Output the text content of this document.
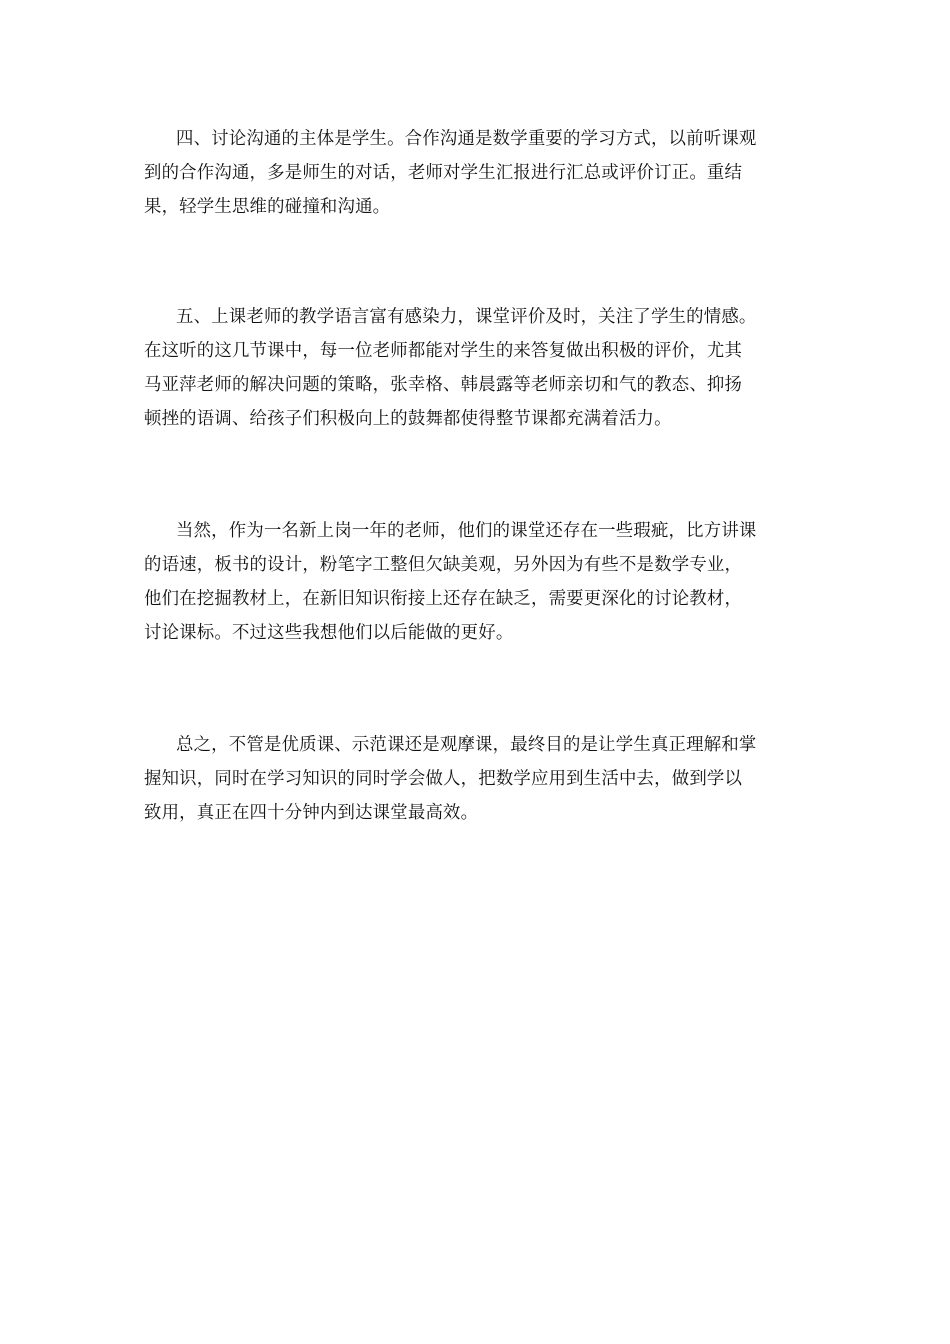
四、讨论沟通的主体是学生。合作沟通是数学重要的学习方式，以前听课观
到的合作沟通，多是师生的对话，老师对学生汇报进行汇总或评价订正。重结
果，轻学生思维的碰撞和沟通。
五、上课老师的教学语言富有感染力，课堂评价及时，关注了学生的情感。
在这听的这几节课中，每一位老师都能对学生的来答复做出积极的评价，尤其
马亚萍老师的解决问题的策略，张幸格、韩晨露等老师亲切和气的教态、抑扬
顿挫的语调、给孩子们积极向上的鼓舞都使得整节课都充满着活力。
当然，作为一名新上岗一年的老师，他们的课堂还存在一些瑕疵，比方讲课
的语速，板书的设计，粉笔字工整但欠缺美观，另外因为有些不是数学专业，
他们在挖掘教材上，在新旧知识衔接上还存在缺乏，需要更深化的讨论教材，
讨论课标。不过这些我想他们以后能做的更好。
总之，不管是优质课、示范课还是观摩课，最终目的是让学生真正理解和掌
握知识，同时在学习知识的同时学会做人，把数学应用到生活中去，做到学以
致用，真正在四十分钟内到达课堂最高效。
